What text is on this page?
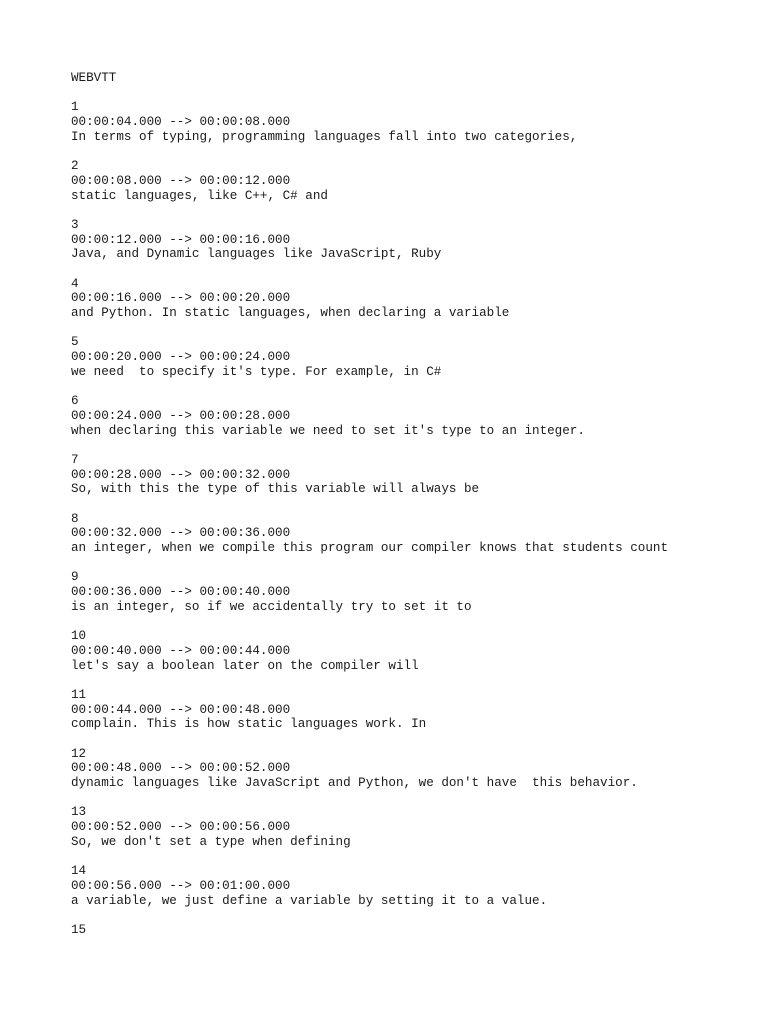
WEBVTT
1
00:00:04.000 --> 00:00:08.000
In terms of typing, programming languages fall into two categories,
2
00:00:08.000 --> 00:00:12.000
static languages, like C++, C# and
3
00:00:12.000 --> 00:00:16.000
Java, and Dynamic languages like JavaScript, Ruby
4
00:00:16.000 --> 00:00:20.000
and Python. In static languages, when declaring a variable
5
00:00:20.000 --> 00:00:24.000
we need  to specify it's type. For example, in C#
6
00:00:24.000 --> 00:00:28.000
when declaring this variable we need to set it's type to an integer.
7
00:00:28.000 --> 00:00:32.000
So, with this the type of this variable will always be
8
00:00:32.000 --> 00:00:36.000
an integer, when we compile this program our compiler knows that students count
9
00:00:36.000 --> 00:00:40.000
is an integer, so if we accidentally try to set it to
10
00:00:40.000 --> 00:00:44.000
let's say a boolean later on the compiler will
11
00:00:44.000 --> 00:00:48.000
complain. This is how static languages work. In
12
00:00:48.000 --> 00:00:52.000
dynamic languages like JavaScript and Python, we don't have  this behavior.
13
00:00:52.000 --> 00:00:56.000
So, we don't set a type when defining
14
00:00:56.000 --> 00:01:00.000
a variable, we just define a variable by setting it to a value.
15
